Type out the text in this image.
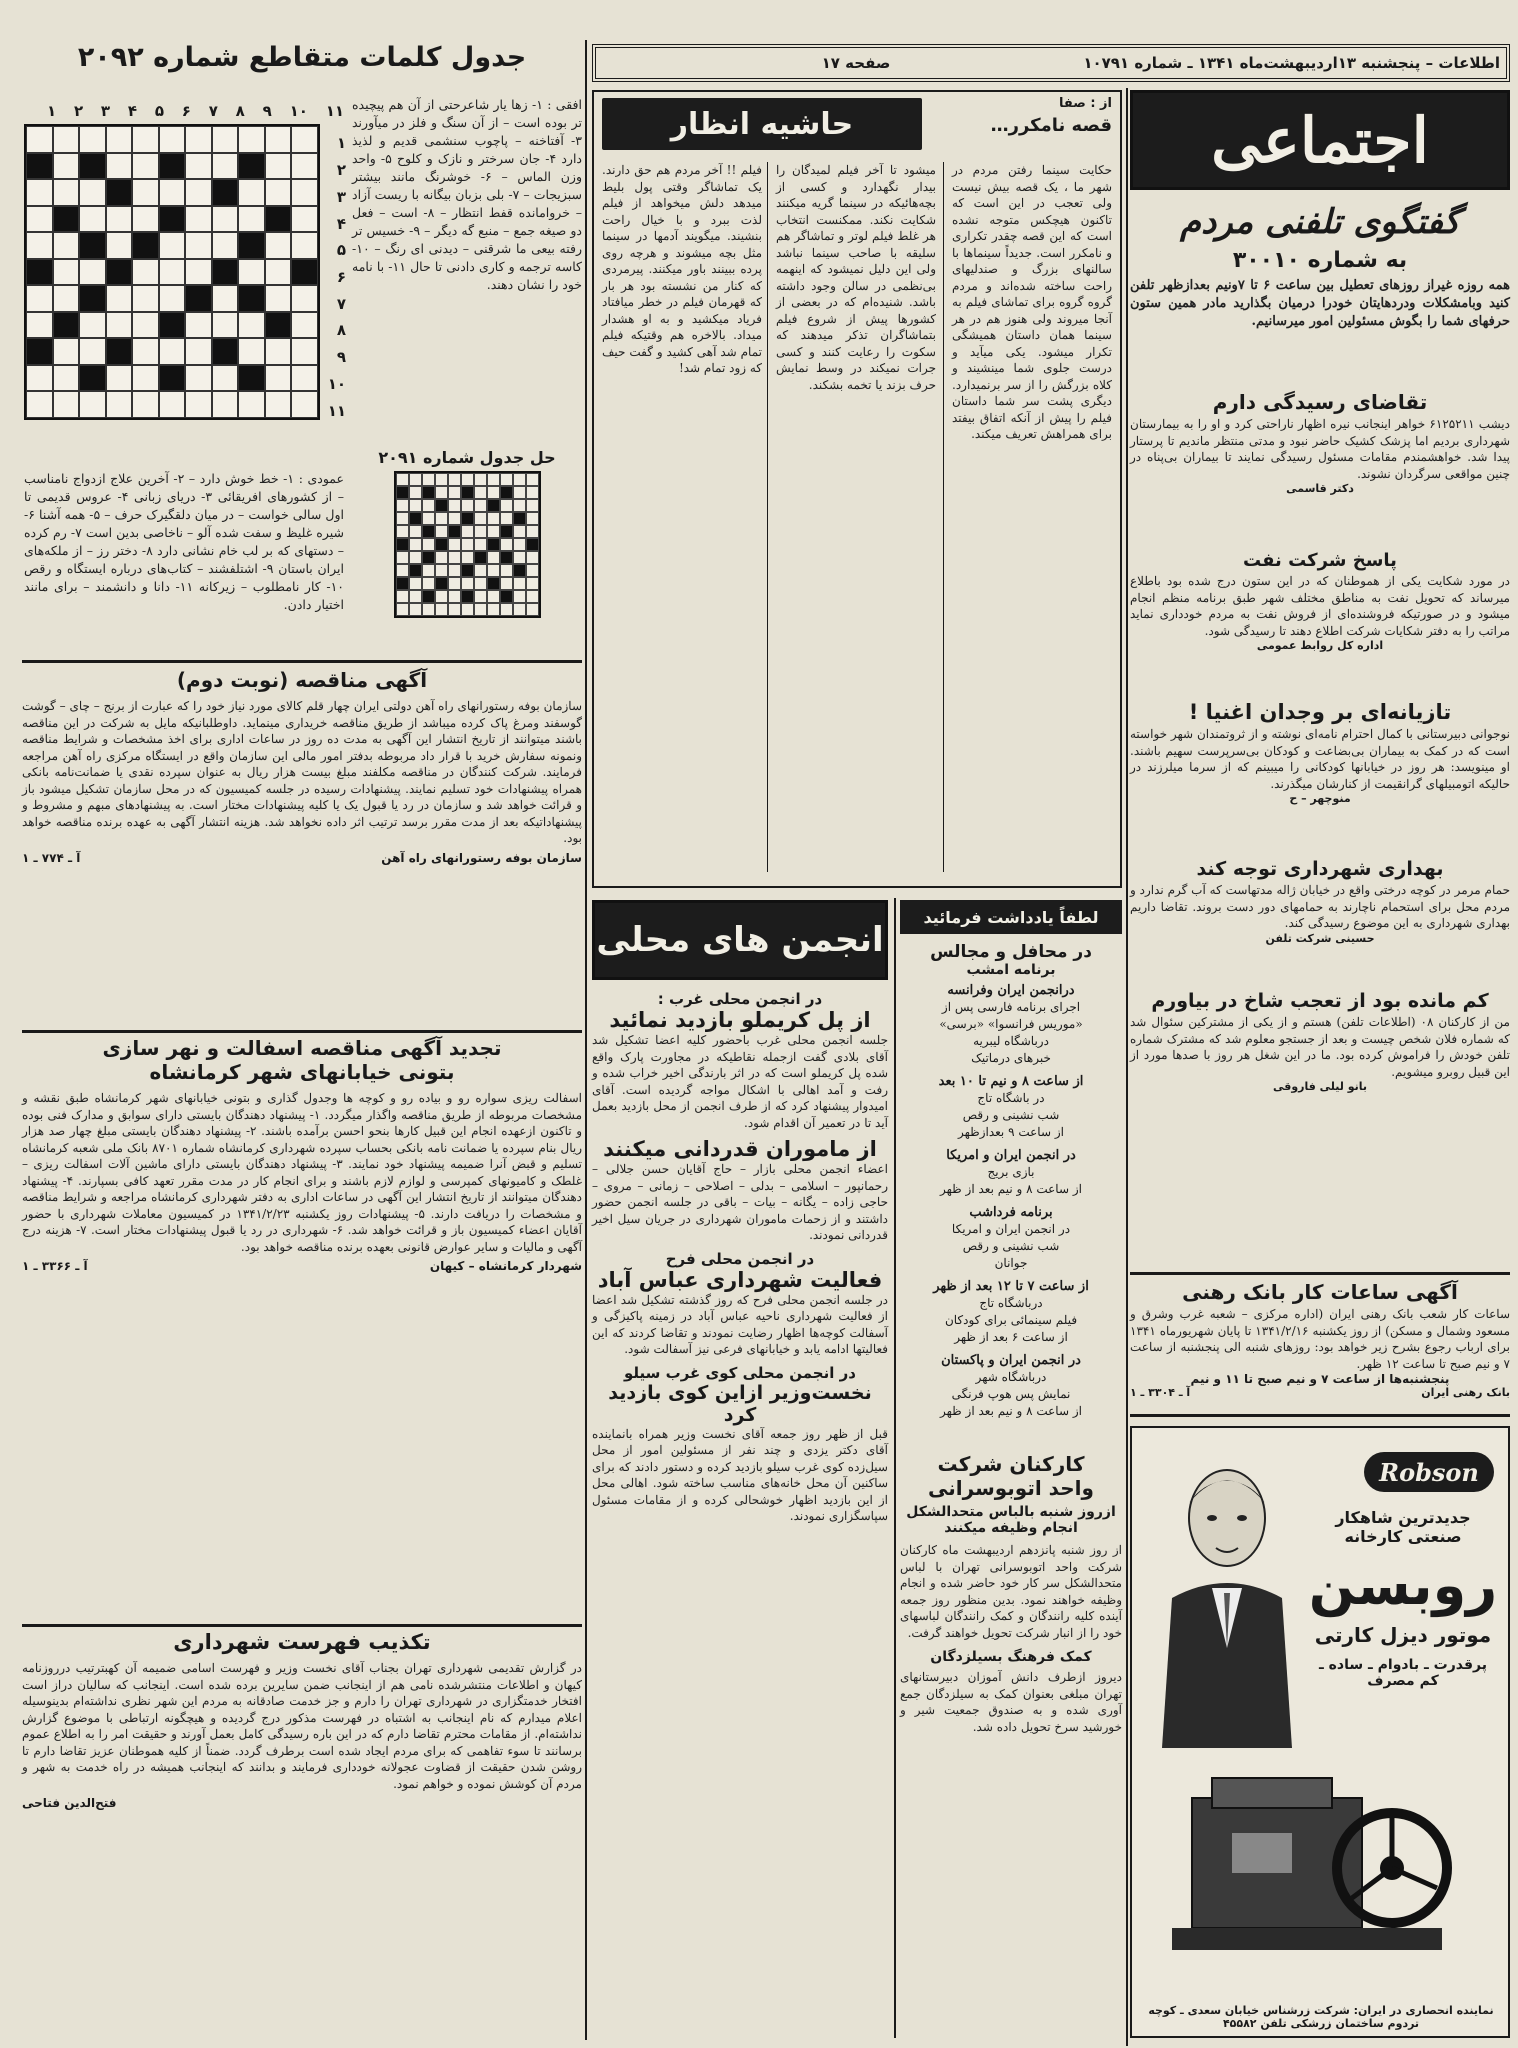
اطلاعات – پنجشنبه ۱۳اردیبهشت‌ماه ۱۳۴۱ ـ شماره ۱۰۷۹۱
صفحه ۱۷
جدول کلمات متقاطع شماره ۲۰۹۲

افقی : ۱- زها یار شاعرحتی از آن هم پیچیده تر بوده است – از آن سنگ و فلز در میآورند ۳- آفتاخنه – پاچوب سنشمی قدیم و لذیذ دارد ۴- جان سرختر و نازک و کلوح ۵- واحد وزن الماس – ۶- خوشرنگ مانند بیشتر سبزیجات – ۷- بلی بزبان بیگانه با ریست آزاد – خروامانده قفط انتظار – ۸- است – فعل دو صیغه جمع – منبع گه دیگر – ۹- خسیس تر رفته بیعی ما شرقنی – دیدنی ای رنگ – ۱۰- کاسه ترجمه و کاری دادنی تا حال ۱۱- با نامه خود را نشان دهند.

۱۱
۱۰
۹
۸
۷
۶
۵
۴
۳
۲
۱
۱
۲
۳
۴
۵
۶
۷
۸
۹
۱۰
۱۱
حل جدول شماره ۲۰۹۱

عمودی : ۱- خط خوش دارد – ۲- آخرین علاج ازدواج نامناسب – از کشورهای افریقائی ۳- دریای زبانی ۴- عروس قدیمی تا اول سالی خواست – در میان دلقگیرک حرف – ۵- همه آشنا ۶- شیره غلیظ و سفت شده آلو – ناخاصی بدین است ۷- رم کرده – دستهای که بر لب خام نشانی دارد ۸- دختر رز – از ملکه‌های ایران باستان ۹- اشتلفشند – کتاب‌های درباره ایستگاه و رقص ۱۰- کار نامطلوب – زیرکانه ۱۱- دانا و دانشمند – برای مانند اختیار دادن.

آگهی مناقصه (نوبت دوم)

سازمان بوفه رستورانهای راه آهن دولتی ایران چهار قلم کالای مورد نیاز خود را که عبارت از برنج – چای – گوشت گوسفند ومرغ پاک کرده میباشد از طریق مناقصه خریداری مینماید. داوطلبانیکه مایل به شرکت در این مناقصه باشند میتوانند از تاریخ انتشار این آگهی به مدت ده روز در ساعات اداری برای اخذ مشخصات و شرایط مناقصه ونمونه سفارش خرید با قرار داد مربوطه بدفتر امور مالی این سازمان واقع در ایستگاه مرکزی راه آهن مراجعه فرمایند. شرکت کنندگان در مناقصه مکلفند مبلغ بیست هزار ریال به عنوان سپرده نقدی یا ضمانت‌نامه بانکی همراه پیشنهادات خود تسلیم نمایند. پیشنهادات رسیده در جلسه کمیسیون که در محل سازمان تشکیل میشود باز و قرائت خواهد شد و سازمان در رد یا قبول یک یا کلیه پیشنهادات مختار است. به پیشنهادهای مبهم و مشروط و پیشنهاداتیکه بعد از مدت مقرر برسد ترتیب اثر داده نخواهد شد. هزینه انتشار آگهی به عهده برنده مناقصه خواهد بود.

سازمان بوفه رستورانهای راه آهن
آ ـ ۷۷۴ ـ ۱
تجدید آگهی مناقصه اسفالت و نهر سازی
بتونی خیابانهای شهر کرمانشاه

اسفالت ریزی سواره رو و بیاده رو و کوچه ها وجدول گذاری و بتونی خیابانهای شهر کرمانشاه طبق نقشه و مشخصات مربوطه از طریق مناقصه واگذار میگردد. ۱- پیشنهاد دهندگان بایستی دارای سوابق و مدارک فنی بوده و تاکنون ازعهده انجام این قبیل کارها بنحو احسن برآمده باشند. ۲- پیشنهاد دهندگان بایستی مبلغ چهار صد هزار ریال بنام سپرده یا ضمانت نامه بانکی بحساب سپرده شهرداری کرمانشاه شماره ۸۷۰۱ بانک ملی شعبه کرمانشاه تسلیم و قبض آنرا ضمیمه پیشنهاد خود نمایند. ۳- پیشنهاد دهندگان بایستی دارای ماشین آلات اسفالت ریزی – غلطک و کامیونهای کمپرسی و لوازم لازم باشند و برای انجام کار در مدت مقرر تعهد کافی بسپارند. ۴- پیشنهاد دهندگان میتوانند از تاریخ انتشار این آگهی در ساعات اداری به دفتر شهرداری کرمانشاه مراجعه و شرایط مناقصه و مشخصات را دریافت دارند. ۵- پیشنهادات روز یکشنبه ۱۳۴۱/۲/۲۳ در کمیسیون معاملات شهرداری با حضور آقایان اعضاء کمیسیون باز و قرائت خواهد شد. ۶- شهرداری در رد یا قبول پیشنهادات مختار است. ۷- هزینه درج آگهی و مالیات و سایر عوارض قانونی بعهده برنده مناقصه خواهد بود.

شهردار کرمانشاه – کیهان
آ ـ ۳۳۶۶ ـ ۱
تکذیب فهرست شهرداری

در گزارش تقدیمی شهرداری تهران بجناب آقای نخست وزیر و فهرست اسامی ضمیمه آن کهبترتیب درروزنامه کیهان و اطلاعات منتشرشده نامی هم از اینجانب ضمن سایرین برده شده است. اینجانب که سالیان دراز است افتخار خدمتگزاری در شهرداری تهران را دارم و جز خدمت صادقانه به مردم این شهر نظری نداشته‌ام بدینوسیله اعلام میدارم که نام اینجانب به اشتباه در فهرست مذکور درج گردیده و هیچگونه ارتباطی با موضوع گزارش نداشته‌ام. از مقامات محترم تقاضا دارم که در این باره رسیدگی کامل بعمل آورند و حقیقت امر را به اطلاع عموم برسانند تا سوء تفاهمی که برای مردم ایجاد شده است برطرف گردد. ضمناً از کلیه هموطنان عزیز تقاضا دارم تا روشن شدن حقیقت از قضاوت عجولانه خودداری فرمایند و بدانند که اینجانب همیشه در راه خدمت به شهر و مردم آن کوشش نموده و خواهم نمود.

فتح‌الدین فتاحی
از : صفا
قصه نامکرر…
حاشیه انظار

حکایت سینما رفتن مردم در شهر ما ، یک قصه بیش نیست ولی تعجب در این است که تاکنون هیچکس متوجه نشده است که این قصه چقدر تکراری و نامکرر است. جدیداً سینماها با سالنهای بزرگ و صندلیهای راحت ساخته شده‌اند و مردم گروه گروه برای تماشای فیلم به آنجا میروند ولی هنوز هم در هر سینما همان داستان همیشگی تکرار میشود. یکی میآید و درست جلوی شما مینشیند و کلاه بزرگش را از سر برنمیدارد. دیگری پشت سر شما داستان فیلم را پیش از آنکه اتفاق بیفتد برای همراهش تعریف میکند.

میشود تا آخر فیلم لمیدگان را بیدار نگهدارد و کسی از بچه‌هائیکه در سینما گریه میکنند شکایت نکند. ممکنست انتخاب هر غلط فیلم لوتر و تماشاگر هم سلیقه با صاحب سینما نباشد ولی این دلیل نمیشود که اینهمه بی‌نظمی در سالن وجود داشته باشد. شنیده‌ام که در بعضی از کشورها پیش از شروع فیلم بتماشاگران تذکر میدهند که سکوت را رعایت کنند و کسی جرات نمیکند در وسط نمایش حرف بزند یا تخمه بشکند.

فیلم !! آخر مردم هم حق دارند. یک تماشاگر وقتی پول بلیط میدهد دلش میخواهد از فیلم لذت ببرد و با خیال راحت بنشیند. میگویند آدمها در سینما مثل بچه میشوند و هرچه روی پرده ببینند باور میکنند. پیرمردی که کنار من نشسته بود هر بار که قهرمان فیلم در خطر میافتاد فریاد میکشید و به او هشدار میداد. بالاخره هم وقتیکه فیلم تمام شد آهی کشید و گفت حیف که زود تمام شد!

اجتماعی
گفتگوی تلفنی مردم
به شماره ۳۰۰۱۰

همه روزه غیراز روزهای تعطیل بین ساعت ۶ تا ۷ونیم بعدازظهر تلفن کنید وبامشکلات ودردهایتان خودرا درمیان بگذارید مادر همین ستون حرفهای شما را بگوش مسئولین امور میرسانیم.

تقاضای رسیدگی دارم

دیشب ۶۱۲۵۲۱۱ خواهر اینجانب نیره اظهار ناراحتی کرد و او را به بیمارستان شهرداری بردیم اما پزشک کشیک حاضر نبود و مدتی منتظر ماندیم تا پرستار پیدا شد. خواهشمندم مقامات مسئول رسیدگی نمایند تا بیماران بی‌پناه در چنین مواقعی سرگردان نشوند.

دکتر قاسمی
پاسخ شرکت نفت

در مورد شکایت یکی از هموطنان که در این ستون درج شده بود باطلاع میرساند که تحویل نفت به مناطق مختلف شهر طبق برنامه منظم انجام میشود و در صورتیکه فروشنده‌ای از فروش نفت به مردم خودداری نماید مراتب را به دفتر شکایات شرکت اطلاع دهند تا رسیدگی شود.

اداره کل روابط عمومی
تازیانه‌ای بر وجدان اغنیا !

نوجوانی دبیرستانی با کمال احترام نامه‌ای نوشته و از ثروتمندان شهر خواسته است که در کمک به بیماران بی‌بضاعت و کودکان بی‌سرپرست سهیم باشند. او مینویسد: هر روز در خیابانها کودکانی را میبینم که از سرما میلرزند در حالیکه اتومبیلهای گرانقیمت از کنارشان میگذرند.

منوچهر – ح
بهداری شهرداری توجه کند

حمام مرمر در کوچه درختی واقع در خیابان ژاله مدتهاست که آب گرم ندارد و مردم محل برای استحمام ناچارند به حمامهای دور دست بروند. تقاضا داریم بهداری شهرداری به این موضوع رسیدگی کند.

حسینی شرکت تلفن
کم مانده بود از تعجب شاخ در بیاورم

من از کارکنان ۰۸ (اطلاعات تلفن) هستم و از یکی از مشترکین سئوال شد که شماره فلان شخص چیست و بعد از جستجو معلوم شد که مشترک شماره تلفن خودش را فراموش کرده بود. ما در این شغل هر روز با صدها مورد از این قبیل روبرو میشویم.

بانو لیلی فاروقی
آگهی ساعات کار بانک رهنی

ساعات کار شعب بانک رهنی ایران (اداره مرکزی – شعبه غرب وشرق و مسعود وشمال و مسکن) از روز یکشنبه ۱۳۴۱/۲/۱۶ تا پایان شهریورماه ۱۳۴۱ برای ارباب رجوع بشرح زیر خواهد بود: روزهای شنبه الی پنجشنبه از ساعت ۷ و نیم صبح تا ساعت ۱۲ ظهر.

پنجشنبه‌ها از ساعت ۷ و نیم صبح تا ۱۱ و نیم
بانک رهنی ایران
آ ـ ۳۳۰۴ ـ ۱
Robson
جدیدترین شاهکار صنعتی کارخانه
روبسن
موتور دیزل کارتی
پرقدرت ـ بادوام ـ ساده ـ کم مصرف
نماینده انحصاری در ایران: شرکت زرشناس خیابان سعدی ـ کوچه تردوم ساختمان زرشکی تلفن ۴۵۵۸۲
لطفاً یادداشت فرمائید
در محافل و مجالس
برنامه امشب

درانجمن ایران وفرانسه

اجرای برنامه فارسی پس از

«موریس فرانسوا» «برسی»

درباشگاه لیبریه

خبرهای درماتیک

از ساعت ۸ و نیم تا ۱۰ بعد

در باشگاه تاج

شب نشینی و رقص

از ساعت ۹ بعدازظهر

در انجمن ایران و امریکا

بازی بریج

از ساعت ۸ و نیم بعد از ظهر

برنامه فرداشب

در انجمن ایران و امریکا

شب نشینی و رقص

جوانان

از ساعت ۷ تا ۱۲ بعد از ظهر

درباشگاه تاج

فیلم سینمائی برای کودکان

از ساعت ۶ بعد از ظهر

در انجمن ایران و پاکستان

درباشگاه شهر

نمایش پس هوپ فرنگی

از ساعت ۸ و نیم بعد از ظهر

کارکنان شرکت
واحد اتوبوسرانی
ازروز شنبه بالباس متحدالشکل انجام وظیفه میکنند

از روز شنبه پانزدهم اردیبهشت ماه کارکنان شرکت واحد اتوبوسرانی تهران با لباس متحدالشکل سر کار خود حاضر شده و انجام وظیفه خواهند نمود. بدین منظور روز جمعه آینده کلیه رانندگان و کمک رانندگان لباسهای خود را از انبار شرکت تحویل خواهند گرفت.

کمک فرهنگ بسیلزدگان

دیروز ازطرف دانش آموزان دبیرستانهای تهران مبلغی بعنوان کمک به سیلزدگان جمع آوری شده و به صندوق جمعیت شیر و خورشید سرخ تحویل داده شد.

انجمن های محلی
در انجمن محلی غرب :
از پل کریملو بازدید نمائید

جلسه انجمن محلی غرب باحضور کلیه اعضا تشکیل شد آقای بلادی گفت ازجمله نقاطیکه در مجاورت پارک واقع شده پل کریملو است که در اثر بارندگی اخیر خراب شده و رفت و آمد اهالی با اشکال مواجه گردیده است. آقای امیدوار پیشنهاد کرد که از طرف انجمن از محل بازدید بعمل آید تا در تعمیر آن اقدام شود.

از ماموران قدردانی میکنند

اعضاء انجمن محلی بازار – حاج آقایان حسن جلالی – رحمانپور – اسلامی – بدلی – اصلاحی – زمانی – مروی – حاجی زاده – یگانه – بیات – باقی در جلسه انجمن حضور داشتند و از زحمات ماموران شهرداری در جریان سیل اخیر قدردانی نمودند.

در انجمن محلی فرح
فعالیت شهرداری عباس آباد

در جلسه انجمن محلی فرح که روز گذشته تشکیل شد اعضا از فعالیت شهرداری ناحیه عباس آباد در زمینه پاکیزگی و آسفالت کوچه‌ها اظهار رضایت نمودند و تقاضا کردند که این فعالیتها ادامه یابد و خیابانهای فرعی نیز آسفالت شود.

در انجمن محلی کوی غرب سیلو
نخست‌وزیر ازاین کوی بازدید کرد

قبل از ظهر روز جمعه آقای نخست وزیر همراه بانماینده آقای دکتر یزدی و چند نفر از مسئولین امور از محل سیل‌زده کوی غرب سیلو بازدید کرده و دستور دادند که برای ساکنین آن محل خانه‌های مناسب ساخته شود. اهالی محل از این بازدید اظهار خوشحالی کرده و از مقامات مسئول سپاسگزاری نمودند.
